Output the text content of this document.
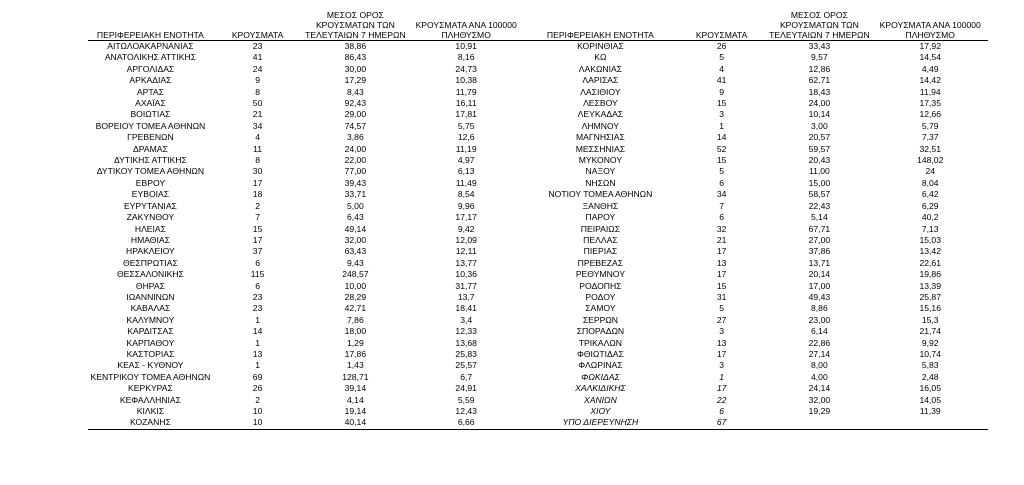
ΠΕΡΙΦΕΡΕΙΑΚΗ ΕΝΟΤΗΤΑ	ΚΡΟΥΣΜΑΤΑ	ΜΕΣΟΣ ΟΡΟΣ ΚΡΟΥΣΜΑΤΩΝ ΤΩΝ ΤΕΛΕΥΤΑΙΩΝ 7 ΗΜΕΡΩΝ	ΚΡΟΥΣΜΑΤΑ ΑΝΑ 100000 ΠΛΗΘΥΣΜΟ	ΠΕΡΙΦΕΡΕΙΑΚΗ ΕΝΟΤΗΤΑ	ΚΡΟΥΣΜΑΤΑ	ΜΕΣΟΣ ΟΡΟΣ ΚΡΟΥΣΜΑΤΩΝ ΤΩΝ ΤΕΛΕΥΤΑΙΩΝ 7 ΗΜΕΡΩΝ	ΚΡΟΥΣΜΑΤΑ ΑΝΑ 100000 ΠΛΗΘΥΣΜΟ
ΑΙΤΩΛΟΑΚΑΡΝΑΝΙΑΣ	23	38,86	10,91	ΚΟΡΙΝΘΙΑΣ	26	33,43	17,92
ΑΝΑΤΟΛΙΚΗΣ ΑΤΤΙΚΗΣ	41	86,43	8,16	ΚΩ	5	9,57	14,54
ΑΡΓΟΛΙΔΑΣ	24	30,00	24,73	ΛΑΚΩΝΙΑΣ	4	12,86	4,49
ΑΡΚΑΔΙΑΣ	9	17,29	10,38	ΛΑΡΙΣΑΣ	41	62,71	14,42
ΑΡΤΑΣ	8	8,43	11,79	ΛΑΣΙΘΙΟΥ	9	18,43	11,94
ΑΧΑΪΑΣ	50	92,43	16,11	ΛΕΣΒΟΥ	15	24,00	17,35
ΒΟΙΩΤΙΑΣ	21	29,00	17,81	ΛΕΥΚΑΔΑΣ	3	10,14	12,66
ΒΟΡΕΙΟΥ ΤΟΜΕΑ ΑΘΗΝΩΝ	34	74,57	5,75	ΛΗΜΝΟΥ	1	3,00	5,79
ΓΡΕΒΕΝΩΝ	4	3,86	12,6	ΜΑΓΝΗΣΙΑΣ	14	20,57	7,37
ΔΡΑΜΑΣ	11	24,00	11,19	ΜΕΣΣΗΝΙΑΣ	52	59,57	32,51
ΔΥΤΙΚΗΣ ΑΤΤΙΚΗΣ	8	22,00	4,97	ΜΥΚΟΝΟΥ	15	20,43	148,02
ΔΥΤΙΚΟΥ ΤΟΜΕΑ ΑΘΗΝΩΝ	30	77,00	6,13	ΝΑΞΟΥ	5	11,00	24
ΕΒΡΟΥ	17	39,43	11,49	ΝΗΣΩΝ	6	15,00	8,04
ΕΥΒΟΙΑΣ	18	33,71	8,54	ΝΟΤΙΟΥ ΤΟΜΕΑ ΑΘΗΝΩΝ	34	58,57	6,42
ΕΥΡΥΤΑΝΙΑΣ	2	5,00	9,96	ΞΑΝΘΗΣ	7	22,43	6,29
ΖΑΚΥΝΘΟΥ	7	6,43	17,17	ΠΑΡΟΥ	6	5,14	40,2
ΗΛΕΙΑΣ	15	49,14	9,42	ΠΕΙΡΑΙΩΣ	32	67,71	7,13
ΗΜΑΘΙΑΣ	17	32,00	12,09	ΠΕΛΛΑΣ	21	27,00	15,03
ΗΡΑΚΛΕΙΟΥ	37	63,43	12,11	ΠΙΕΡΙΑΣ	17	37,86	13,42
ΘΕΣΠΡΩΤΙΑΣ	6	9,43	13,77	ΠΡΕΒΕΖΑΣ	13	13,71	22,61
ΘΕΣΣΑΛΟΝΙΚΗΣ	115	248,57	10,36	ΡΕΘΥΜΝΟΥ	17	20,14	19,86
ΘΗΡΑΣ	6	10,00	31,77	ΡΟΔΟΠΗΣ	15	17,00	13,39
ΙΩΑΝΝΙΝΩΝ	23	28,29	13,7	ΡΟΔΟΥ	31	49,43	25,87
ΚΑΒΑΛΑΣ	23	42,71	18,41	ΣΑΜΟΥ	5	8,86	15,16
ΚΑΛΥΜΝΟΥ	1	7,86	3,4	ΣΕΡΡΩΝ	27	23,00	15,3
ΚΑΡΔΙΤΣΑΣ	14	18,00	12,33	ΣΠΟΡΑΔΩΝ	3	6,14	21,74
ΚΑΡΠΑΘΟΥ	1	1,29	13,68	ΤΡΙΚΑΛΩΝ	13	22,86	9,92
ΚΑΣΤΟΡΙΑΣ	13	17,86	25,83	ΦΘΙΩΤΙΔΑΣ	17	27,14	10,74
ΚΕΑΣ - ΚΥΘΝΟΥ	1	1,43	25,57	ΦΛΩΡΙΝΑΣ	3	8,00	5,83
ΚΕΝΤΡΙΚΟΥ ΤΟΜΕΑ ΑΘΗΝΩΝ	69	128,71	6,7	ΦΩΚΙΔΑΣ	1	4,00	2,48
ΚΕΡΚΥΡΑΣ	26	39,14	24,91	ΧΑΛΚΙΔΙΚΗΣ	17	24,14	16,05
ΚΕΦΑΛΛΗΝΙΑΣ	2	4,14	5,59	ΧΑΝΙΩΝ	22	32,00	14,05
ΚΙΛΚΙΣ	10	19,14	12,43	ΧΙΟΥ	6	19,29	11,39
ΚΟΖΑΝΗΣ	10	40,14	6,66	ΥΠΟ ΔΙΕΡΕΥΝΗΣΗ	67		
